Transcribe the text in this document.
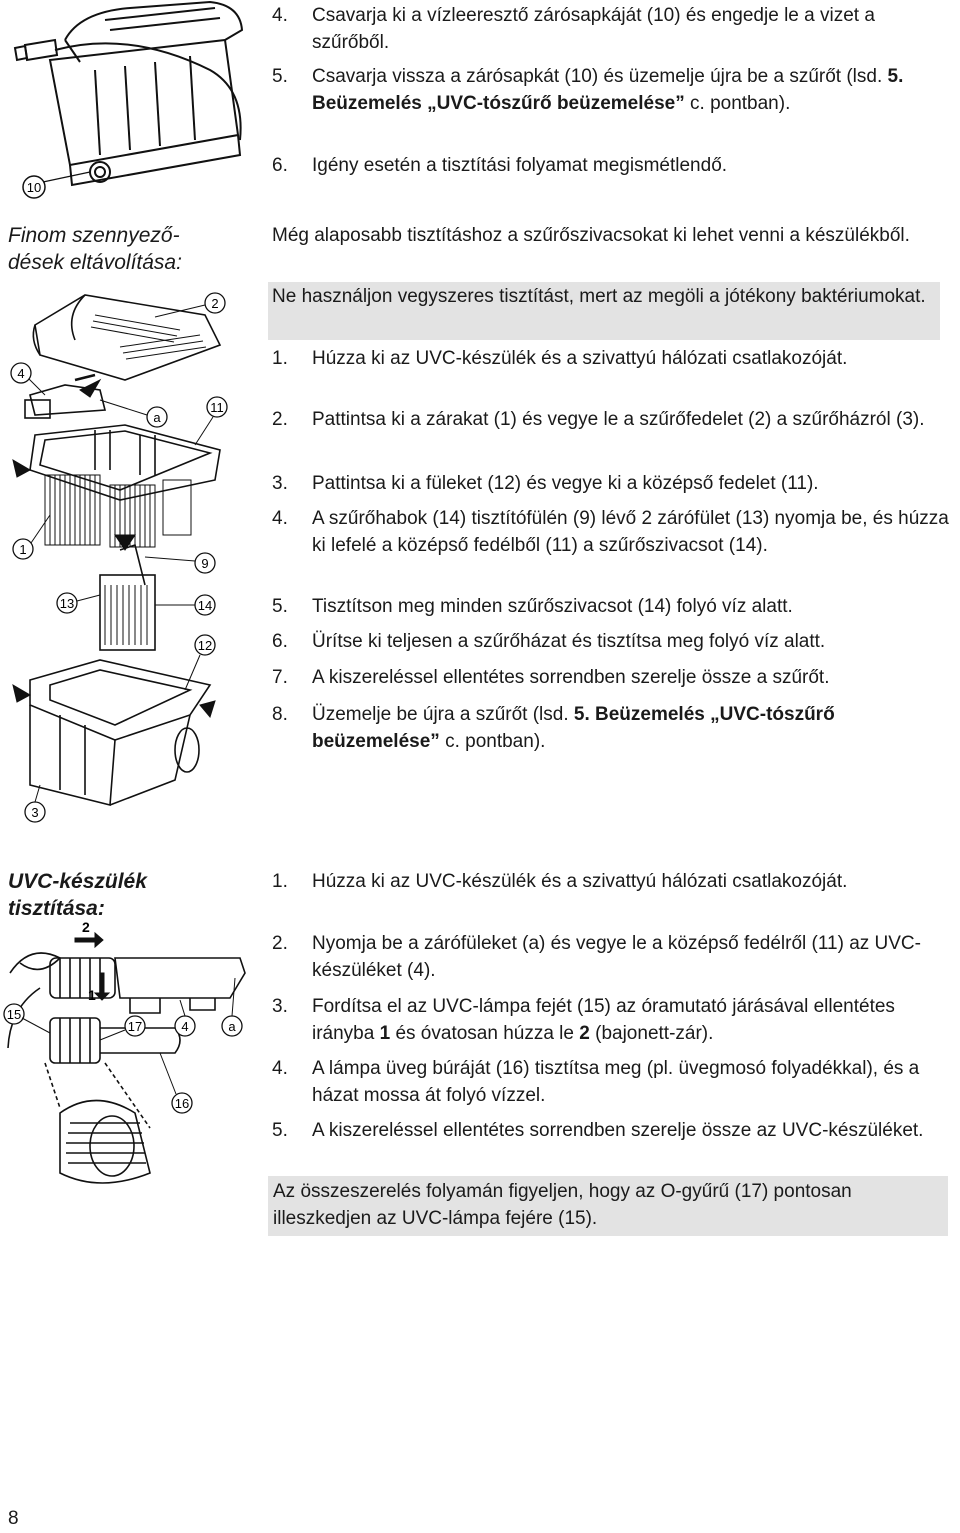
10
4.	Csavarja ki a vízleeresztő zárósapkáját (10) és engedje le a vizet a szűrőből.
5.	Csavarja vissza a zárósapkát (10) és üzemelje újra be a szűrőt (lsd. 5. Beüzemelés „UVC-tószűrő beüzemelése” c. pontban).
6.	Igény esetén a tisztítási folyamat megismétlendő.
Finom szennyező-
dések eltávolítása:
Még alaposabb tisztításhoz a szűrőszivacsokat ki lehet venni a készülékből.
Ne használjon vegyszeres tisztítást, mert az megöli a jótékony baktériumokat.
1.	Húzza ki az UVC-készülék és a szivattyú hálózati csatlakozóját.
2.	Pattintsa ki a zárakat (1) és vegye le a szűrőfedelet (2) a szűrőházról (3).
3.	Pattintsa ki a füleket (12) és vegye ki a középső fedelet (11).
4.	A szűrőhabok (14) tisztítófülén (9) lévő 2 zárófület (13) nyomja be, és húzza ki lefelé a középső fedélből (11) a szűrőszivacsot (14).
5.	Tisztítson meg minden szűrőszivacsot (14) folyó víz alatt.
6.	Ürítse ki teljesen a szűrőházat és tisztítsa meg folyó víz alatt.
7.	A kiszereléssel ellentétes sorrendben szerelje össze a szűrőt.
8.	Üzemelje be újra a szűrőt (lsd. 5. Beüzemelés „UVC-tószűrő beüzemelése” c. pontban).
2
4
a
11
1
9
13	14
12
3
UVC-készülék
tisztítása:
1.	Húzza ki az UVC-készülék és a szivattyú hálózati csatlakozóját.
2.	Nyomja be a zárófüleket (a) és vegye le a középső fedélről (11) az UVC-készüléket (4).
3.	Fordítsa el az UVC-lámpa fejét (15) az óramutató járásával ellentétes irányba 1 és óvatosan húzza le 2 (bajonett-zár).
4.	A lámpa üveg búráját (16) tisztítsa meg (pl. üvegmosó folyadékkal), és a házat mossa át folyó vízzel.
5.	A kiszereléssel ellentétes sorrendben szerelje össze az UVC-készüléket.
Az összeszerelés folyamán figyeljen, hogy az O-gyűrű (17) pontosan illeszkedjen az UVC-lámpa fejére (15).
2
1
15
17	4	a
16
8
